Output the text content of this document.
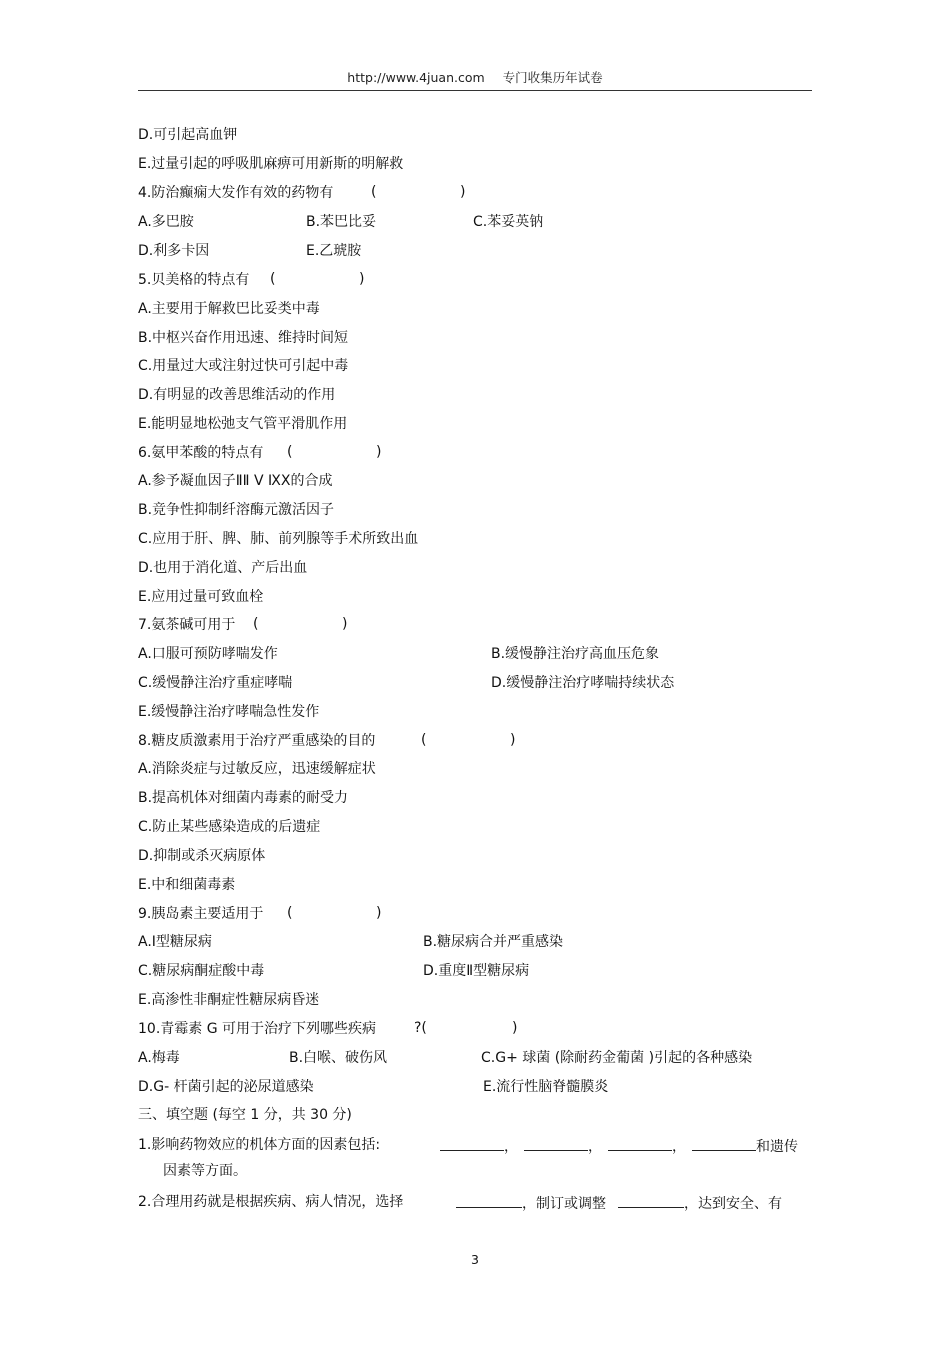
http://www.4juan.com 专门收集历年试卷
D.可引起高血钾
E.过量引起的呼吸肌麻痹可用新斯的明解救
4.防治癫痫大发作有效的药物有	(	)
A.多巴胺	B.苯巴比妥	C.苯妥英钠
D.利多卡因	E.乙琥胺
5.贝美格的特点有 (	)
A.主要用于解救巴比妥类中毒
B.中枢兴奋作用迅速、维持时间短
C.用量过大或注射过快可引起中毒
D.有明显的改善思维活动的作用
E.能明显地松弛支气管平滑肌作用
6.氨甲苯酸的特点有 (	)
A.参予凝血因子ⅡⅡ Ⅴ ⅨⅩ的合成
B.竞争性抑制纤溶酶元激活因子
C.应用于肝、脾、肺、前列腺等手术所致出血
D.也用于消化道、产后出血
E.应用过量可致血栓
7.氨茶碱可用于 (	)
A.口服可预防哮喘发作	B.缓慢静注治疗高血压危象
C.缓慢静注治疗重症哮喘	D.缓慢静注治疗哮喘持续状态
E.缓慢静注治疗哮喘急性发作
8.糖皮质激素用于治疗严重感染的目的	(	)
A.消除炎症与过敏反应，迅速缓解症状
B.提高机体对细菌内毒素的耐受力
C.防止某些感染造成的后遗症
D.抑制或杀灭病原体
E.中和细菌毒素
9.胰岛素主要适用于 (	)
A.Ⅰ型糖尿病	B.糖尿病合并严重感染
C.糖尿病酮症酸中毒	D.重度Ⅱ型糖尿病
E.高渗性非酮症性糖尿病昏迷
10.青霉素 G 可用于治疗下列哪些疾病	?(	)
A.梅毒	B.白喉、破伤风	C.G+ 球菌 (除耐药金葡菌 )引起的各种感染
D.G- 杆菌引起的泌尿道感染	E.流行性脑脊髓膜炎
三、填空题 (每空 1 分，共 30 分)
1.影响药物效应的机体方面的因素包括:	，	，	，	和遗传
因素等方面。
2.合理用药就是根据疾病、病人情况，选择	，制订或调整	，达到安全、有
3
